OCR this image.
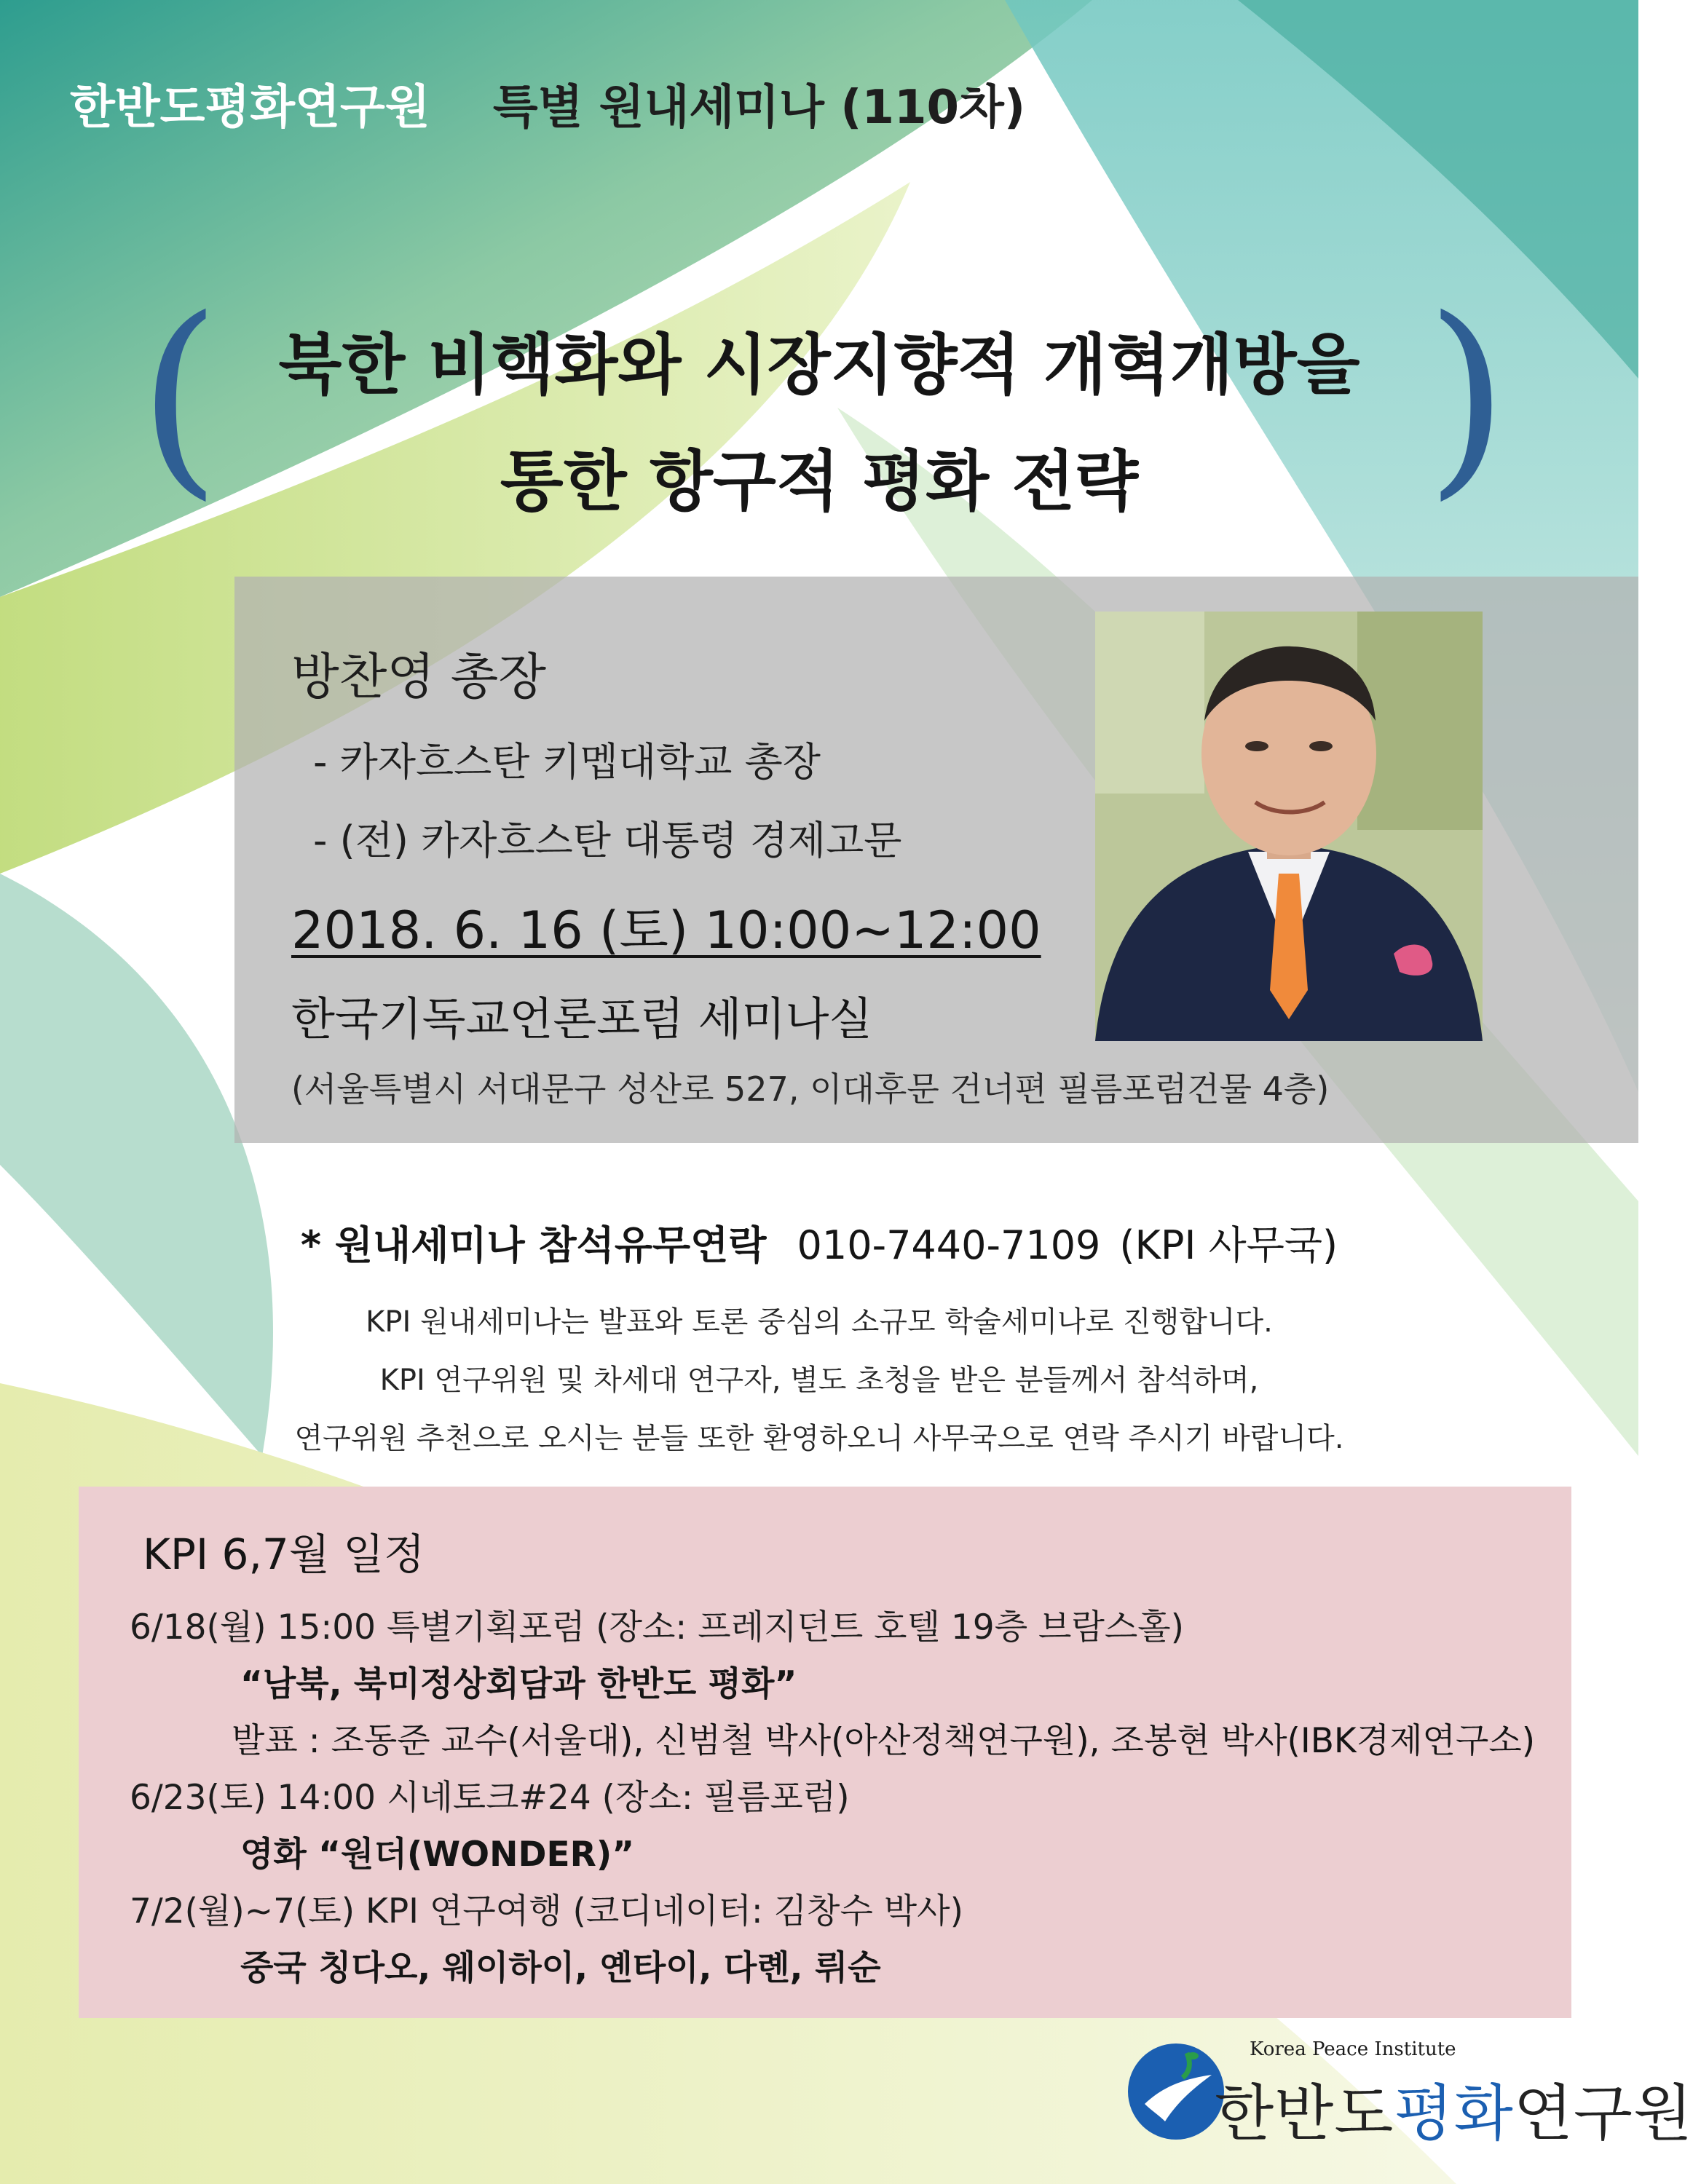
한반도평화연구원 특별 원내세미나 (110차)
(	)
북한 비핵화와 시장지향적 개혁개방을
통한 항구적 평화 전략
방찬영 총장
- 카자흐스탄 키멥대학교 총장
- (전) 카자흐스탄 대통령 경제고문
2018. 6. 16 (토) 10:00~12:00
한국기독교언론포럼 세미나실
(서울특별시 서대문구 성산로 527, 이대후문 건너편 필름포럼건물 4층)
* 원내세미나 참석유무연락 010-7440-7109 (KPI 사무국)
KPI 원내세미나는 발표와 토론 중심의 소규모 학술세미나로 진행합니다.
KPI 연구위원 및 차세대 연구자, 별도 초청을 받은 분들께서 참석하며,
연구위원 추천으로 오시는 분들 또한 환영하오니 사무국으로 연락 주시기 바랍니다.
KPI 6,7월 일정
6/18(월) 15:00 특별기획포럼 (장소: 프레지던트 호텔 19층 브람스홀)
“남북, 북미정상회담과 한반도 평화”
발표 : 조동준 교수(서울대), 신범철 박사(아산정책연구원), 조봉현 박사(IBK경제연구소)
6/23(토) 14:00 시네토크#24 (장소: 필름포럼)
영화 “원더(WONDER)”
7/2(월)~7(토) KPI 연구여행 (코디네이터: 김창수 박사)
중국 칭다오, 웨이하이, 옌타이, 다롄, 뤼순
Korea Peace Institute
한반도평화연구원
